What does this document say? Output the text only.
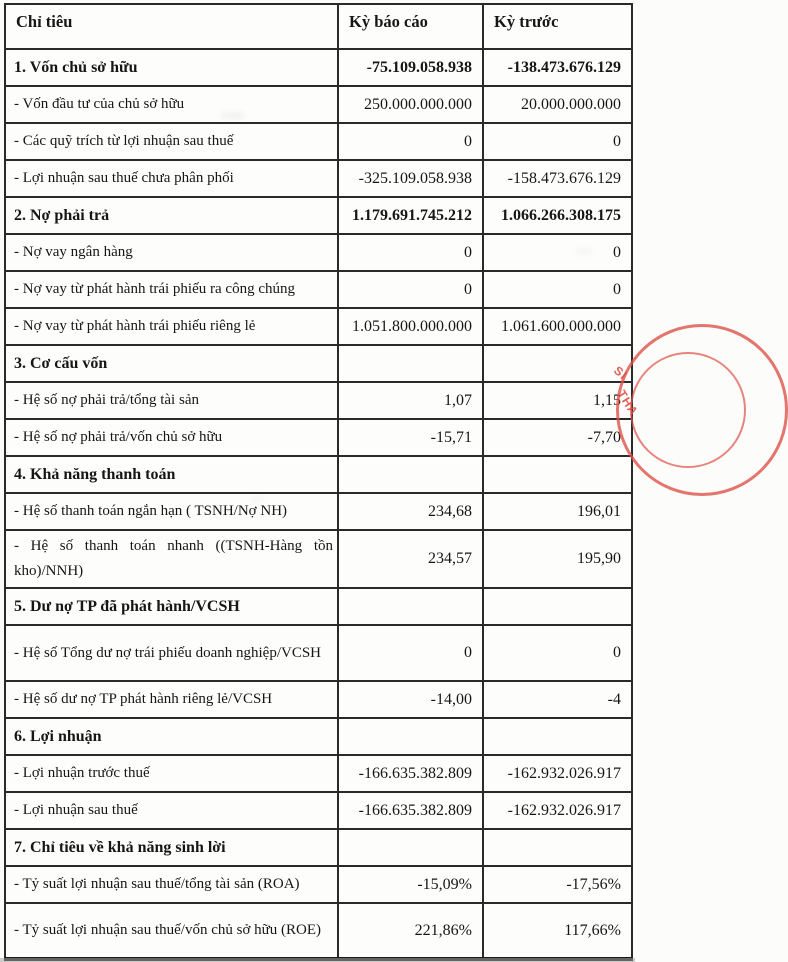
Chỉ tiêu	Kỳ báo cáo	Kỳ trước
1. Vốn chủ sở hữu	-75.109.058.938	-138.473.676.129
- Vốn đầu tư của chủ sở hữu	250.000.000.000	20.000.000.000
- Các quỹ trích từ lợi nhuận sau thuế	0	0
- Lợi nhuận sau thuế chưa phân phối	-325.109.058.938	-158.473.676.129
2. Nợ phải trả	1.179.691.745.212	1.066.266.308.175
- Nợ vay ngân hàng	0	0
- Nợ vay từ phát hành trái phiếu ra công chúng	0	0
- Nợ vay từ phát hành trái phiếu riêng lẻ	1.051.800.000.000	1.061.600.000.000
3. Cơ cấu vốn		
- Hệ số nợ phải trả/tổng tài sản	1,07	1,15
- Hệ số nợ phải trả/vốn chủ sở hữu	-15,71	-7,70
4. Khả năng thanh toán		
- Hệ số thanh toán ngắn hạn ( TSNH/Nợ NH)	234,68	196,01
- Hệ số thanh toán nhanh ((TSNH-Hàng tồn kho)/NNH)	234,57	195,90
5. Dư nợ TP đã phát hành/VCSH		
- Hệ số Tổng dư nợ trái phiếu doanh nghiệp/VCSH	0	0
- Hệ số dư nợ TP phát hành riêng lẻ/VCSH	-14,00	-4
6. Lợi nhuận		
- Lợi nhuận trước thuế	-166.635.382.809	-162.932.026.917
- Lợi nhuận sau thuế	-166.635.382.809	-162.932.026.917
7. Chỉ tiêu về khả năng sinh lời		
- Tỷ suất lợi nhuận sau thuế/tổng tài sản (ROA)	-15,09%	-17,56%
- Tỷ suất lợi nhuận sau thuế/vốn chủ sở hữu (ROE)	221,86%	117,66%
SI
THA
